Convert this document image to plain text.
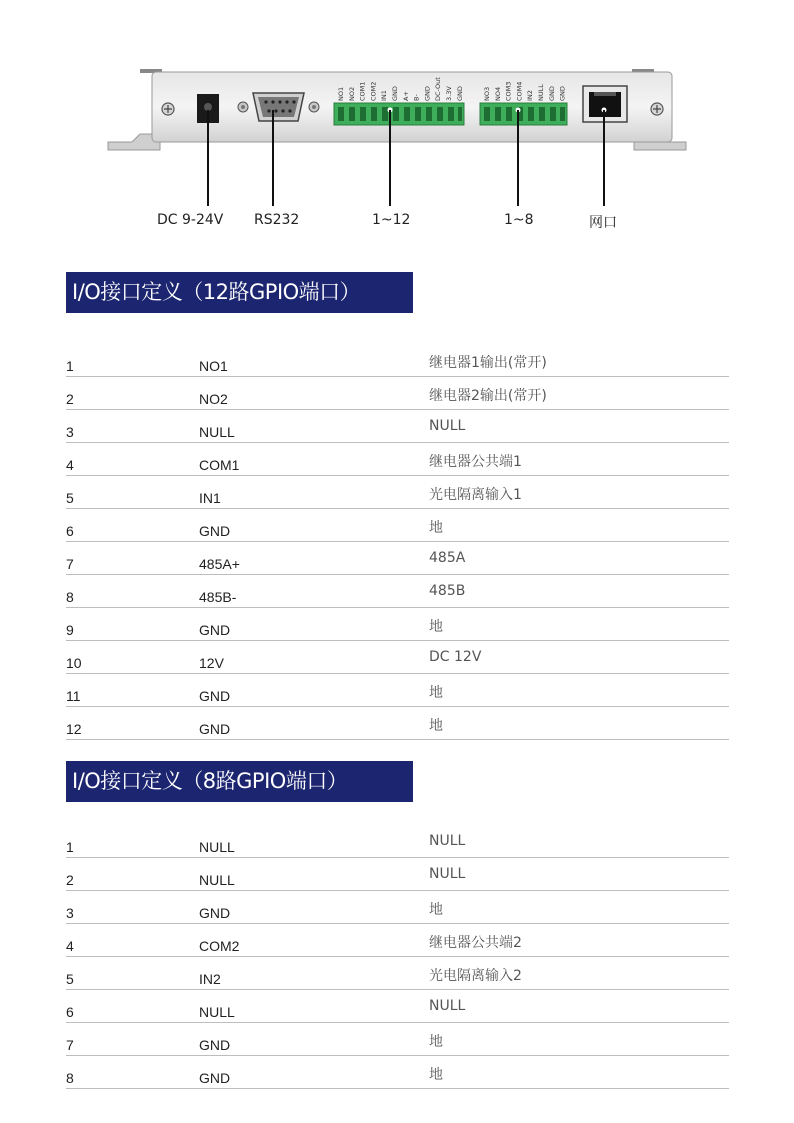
NO1 NO2 COM1 COM2 IN1 GND A+ B- GND DC-Out 3.3V GND	NO3 NO4 COM3 COM4 IN2 NULL GND GND
DC 9-24V RS232	1~12	1~8	网口
I/O接口定义（12路GPIO端口）
1	NO1	继电器1输出(常开)
2	NO2	继电器2输出(常开)
3	NULL	NULL
4	COM1	继电器公共端1
5	IN1	光电隔离输入1
6	GND	地
7	485A+	485A
8	485B-	485B
9	GND	地
10	12V	DC 12V
11	GND	地
12	GND	地
I/O接口定义（8路GPIO端口）
1	NULL	NULL
2	NULL	NULL
3	GND	地
4	COM2	继电器公共端2
5	IN2	光电隔离输入2
6	NULL	NULL
7	GND	地
8	GND	地
